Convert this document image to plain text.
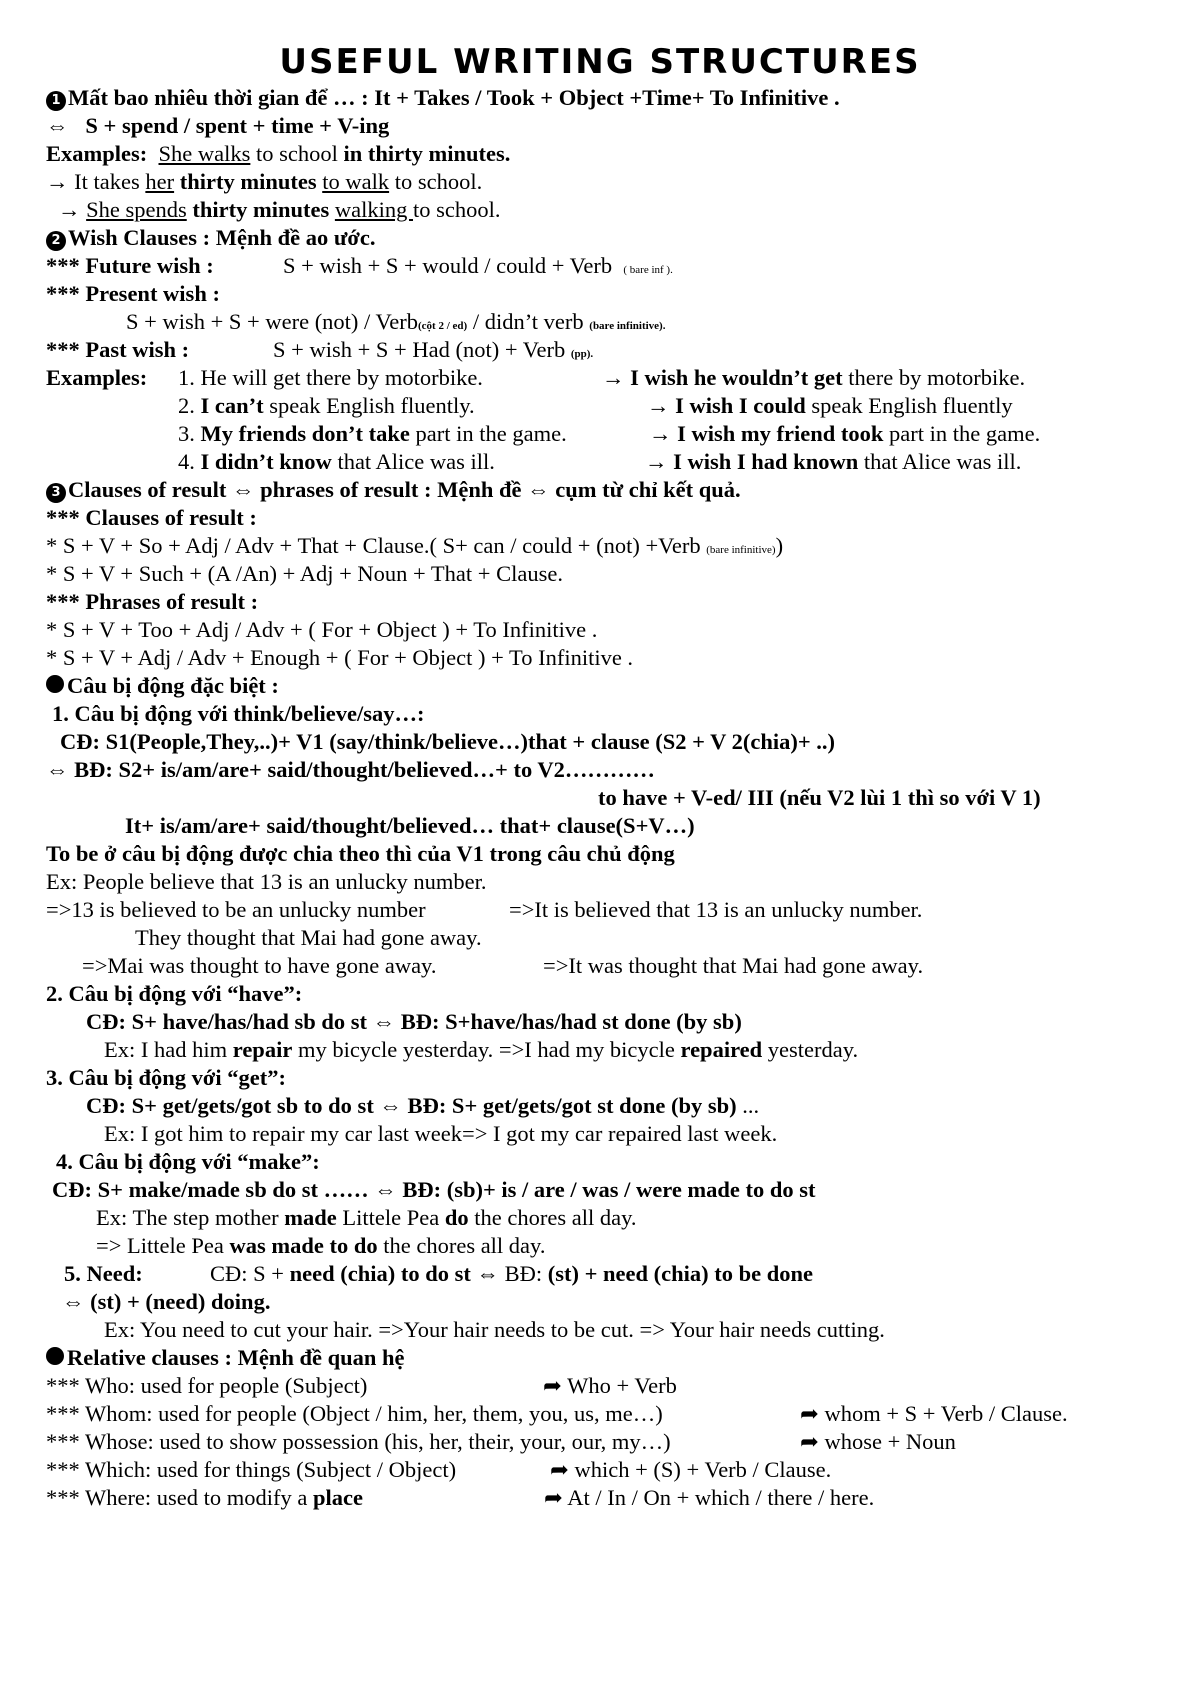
USEFUL WRITING STRUCTURES
1 Mất bao nhiêu thời gian để … : It + Takes / Took + Object +Time+ To Infinitive .
⇔ S + spend / spent + time + V-ing
Examples: She walks to school in thirty minutes.
→ It takes her thirty minutes to walk to school.
→ She spends thirty minutes walking to school.
2 Wish Clauses : Mệnh đề ao ước.
*** Future wish :	S + wish + S + would / could + Verb ( bare inf ).
*** Present wish :
S + wish + S + were (not) / Verb(cột 2 / ed) / didn’t verb (bare infinitive).
*** Past wish :	S + wish + S + Had (not) + Verb (pp).
Examples: 1. He will get there by motorbike.	→ I wish he wouldn’t get there by motorbike.
2. I can’t speak English fluently.	→ I wish I could speak English fluently
3. My friends don’t take part in the game.	→ I wish my friend took part in the game.
4. I didn’t know that Alice was ill.	→ I wish I had known that Alice was ill.
3 Clauses of result ⇔ phrases of result : Mệnh đề ⇔ cụm từ chỉ kết quả.
*** Clauses of result :
* S + V + So + Adj / Adv + That + Clause.( S+ can / could + (not) +Verb (bare infinitive))
* S + V + Such + (A /An) + Adj + Noun + That + Clause.
*** Phrases of result :
* S + V + Too + Adj / Adv + ( For + Object ) + To Infinitive .
* S + V + Adj / Adv + Enough + ( For + Object ) + To Infinitive .
Câu bị động đặc biệt :
1. Câu bị động với think/believe/say…:
CĐ: S1(People,They,..)+ V1 (say/think/believe…)that + clause (S2 + V 2(chia)+ ..)
⇔ BĐ: S2+ is/am/are+ said/thought/believed…+ to V2…………
to have + V-ed/ III (nếu V2 lùi 1 thì so với V 1)
It+ is/am/are+ said/thought/believed… that+ clause(S+V…)
To be ở câu bị động được chia theo thì của V1 trong câu chủ động
Ex: People believe that 13 is an unlucky number.
=>13 is believed to be an unlucky number	=>It is believed that 13 is an unlucky number.
They thought that Mai had gone away.
=>Mai was thought to have gone away.	=>It was thought that Mai had gone away.
2. Câu bị động với “have”:
CĐ: S+ have/has/had sb do st ⇔ BĐ: S+have/has/had st done (by sb)
Ex: I had him repair my bicycle yesterday. =>I had my bicycle repaired yesterday.
3. Câu bị động với “get”:
CĐ: S+ get/gets/got sb to do st ⇔ BĐ: S+ get/gets/got st done (by sb) ...
Ex: I got him to repair my car last week=> I got my car repaired last week.
4. Câu bị động với “make”:
CĐ: S+ make/made sb do st …… ⇔ BĐ: (sb)+ is / are / was / were made to do st
Ex: The step mother made Littele Pea do the chores all day.
=> Littele Pea was made to do the chores all day.
5. Need:	CĐ: S + need (chia) to do st ⇔ BĐ: (st) + need (chia) to be done
⇔ (st) + (need) doing.
Ex: You need to cut your hair. =>Your hair needs to be cut. => Your hair needs cutting.
Relative clauses : Mệnh đề quan hệ
*** Who: used for people (Subject)	➦ Who + Verb
*** Whom: used for people (Object / him, her, them, you, us, me…)	➦ whom + S + Verb / Clause.
*** Whose: used to show possession (his, her, their, your, our, my…)	➦ whose + Noun
*** Which: used for things (Subject / Object)	➦ which + (S) + Verb / Clause.
*** Where: used to modify a place	➦ At / In / On + which / there / here.
